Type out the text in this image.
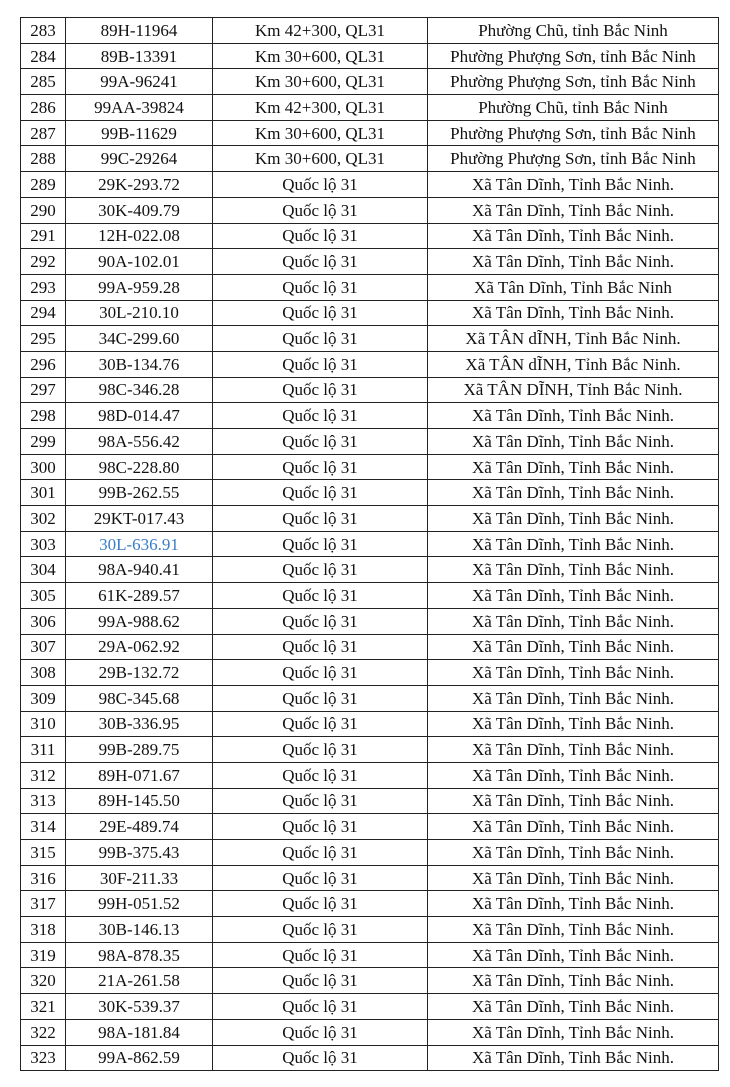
283	89H-11964	Km 42+300, QL31	Phường Chũ, tỉnh Bắc Ninh
284	89B-13391	Km 30+600, QL31	Phường Phượng Sơn, tỉnh Bắc Ninh
285	99A-96241	Km 30+600, QL31	Phường Phượng Sơn, tỉnh Bắc Ninh
286	99AA-39824	Km 42+300, QL31	Phường Chũ, tỉnh Bắc Ninh
287	99B-11629	Km 30+600, QL31	Phường Phượng Sơn, tỉnh Bắc Ninh
288	99C-29264	Km 30+600, QL31	Phường Phượng Sơn, tỉnh Bắc Ninh
289	29K-293.72	Quốc lộ 31	Xã Tân Dĩnh, Tỉnh Bắc Ninh.
290	30K-409.79	Quốc lộ 31	Xã Tân Dĩnh, Tỉnh Bắc Ninh.
291	12H-022.08	Quốc lộ 31	Xã Tân Dĩnh, Tỉnh Bắc Ninh.
292	90A-102.01	Quốc lộ 31	Xã Tân Dĩnh, Tỉnh Bắc Ninh.
293	99A-959.28	Quốc lộ 31	Xã Tân Dĩnh, Tỉnh Bắc Ninh
294	30L-210.10	Quốc lộ 31	Xã Tân Dĩnh, Tỉnh Bắc Ninh.
295	34C-299.60	Quốc lộ 31	Xã TÂN dĨNH, Tỉnh Bắc Ninh.
296	30B-134.76	Quốc lộ 31	Xã TÂN dĨNH, Tỉnh Bắc Ninh.
297	98C-346.28	Quốc lộ 31	Xã TÂN DĨNH, Tỉnh Bắc Ninh.
298	98D-014.47	Quốc lộ 31	Xã Tân Dĩnh, Tỉnh Bắc Ninh.
299	98A-556.42	Quốc lộ 31	Xã Tân Dĩnh, Tỉnh Bắc Ninh.
300	98C-228.80	Quốc lộ 31	Xã Tân Dĩnh, Tỉnh Bắc Ninh.
301	99B-262.55	Quốc lộ 31	Xã Tân Dĩnh, Tỉnh Bắc Ninh.
302	29KT-017.43	Quốc lộ 31	Xã Tân Dĩnh, Tỉnh Bắc Ninh.
303	30L-636.91	Quốc lộ 31	Xã Tân Dĩnh, Tỉnh Bắc Ninh.
304	98A-940.41	Quốc lộ 31	Xã Tân Dĩnh, Tỉnh Bắc Ninh.
305	61K-289.57	Quốc lộ 31	Xã Tân Dĩnh, Tỉnh Bắc Ninh.
306	99A-988.62	Quốc lộ 31	Xã Tân Dĩnh, Tỉnh Bắc Ninh.
307	29A-062.92	Quốc lộ 31	Xã Tân Dĩnh, Tỉnh Bắc Ninh.
308	29B-132.72	Quốc lộ 31	Xã Tân Dĩnh, Tỉnh Bắc Ninh.
309	98C-345.68	Quốc lộ 31	Xã Tân Dĩnh, Tỉnh Bắc Ninh.
310	30B-336.95	Quốc lộ 31	Xã Tân Dĩnh, Tỉnh Bắc Ninh.
311	99B-289.75	Quốc lộ 31	Xã Tân Dĩnh, Tỉnh Bắc Ninh.
312	89H-071.67	Quốc lộ 31	Xã Tân Dĩnh, Tỉnh Bắc Ninh.
313	89H-145.50	Quốc lộ 31	Xã Tân Dĩnh, Tỉnh Bắc Ninh.
314	29E-489.74	Quốc lộ 31	Xã Tân Dĩnh, Tỉnh Bắc Ninh.
315	99B-375.43	Quốc lộ 31	Xã Tân Dĩnh, Tỉnh Bắc Ninh.
316	30F-211.33	Quốc lộ 31	Xã Tân Dĩnh, Tỉnh Bắc Ninh.
317	99H-051.52	Quốc lộ 31	Xã Tân Dĩnh, Tỉnh Bắc Ninh.
318	30B-146.13	Quốc lộ 31	Xã Tân Dĩnh, Tỉnh Bắc Ninh.
319	98A-878.35	Quốc lộ 31	Xã Tân Dĩnh, Tỉnh Bắc Ninh.
320	21A-261.58	Quốc lộ 31	Xã Tân Dĩnh, Tỉnh Bắc Ninh.
321	30K-539.37	Quốc lộ 31	Xã Tân Dĩnh, Tỉnh Bắc Ninh.
322	98A-181.84	Quốc lộ 31	Xã Tân Dĩnh, Tỉnh Bắc Ninh.
323	99A-862.59	Quốc lộ 31	Xã Tân Dĩnh, Tỉnh Bắc Ninh.
